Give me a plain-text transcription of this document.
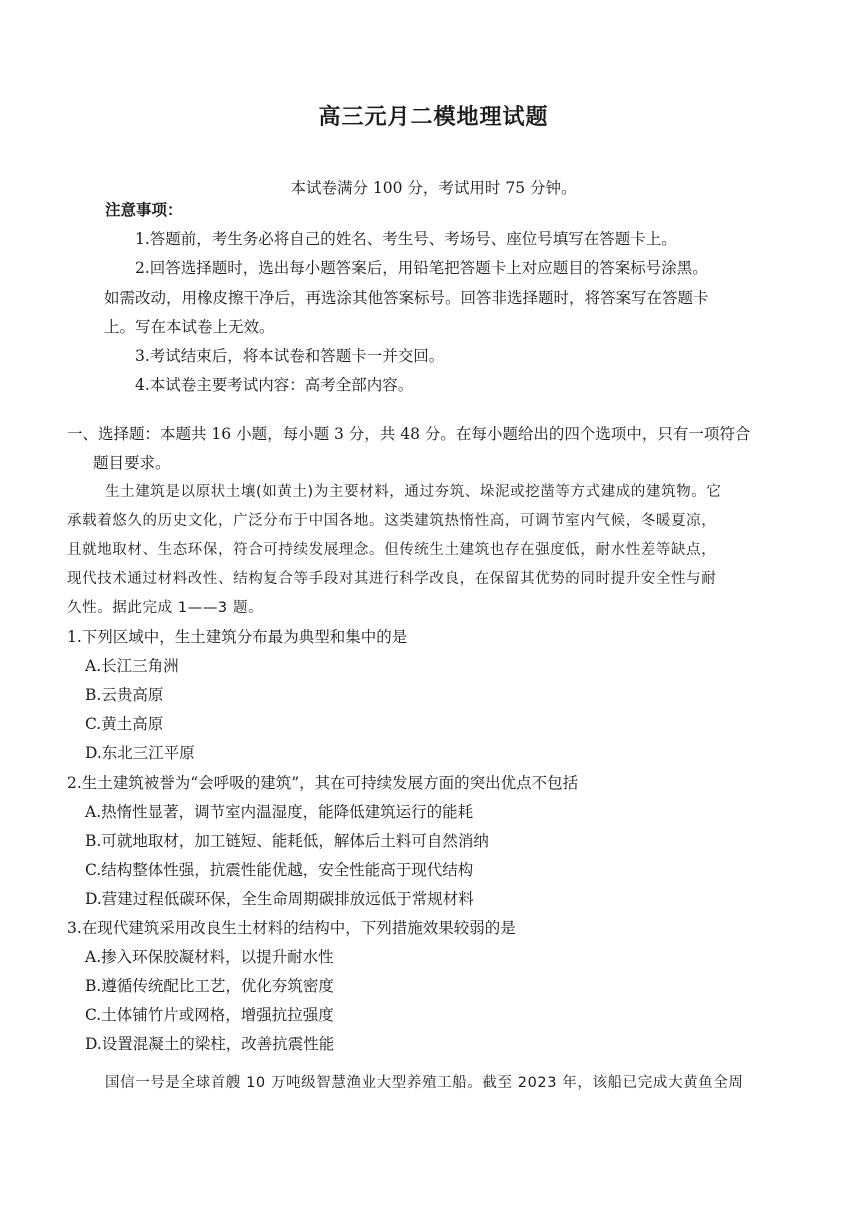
高三元月二模地理试题
本试卷满分 100 分，考试用时 75 分钟。
注意事项：
1.答题前，考生务必将自己的姓名、考生号、考场号、座位号填写在答题卡上。
2.回答选择题时，选出每小题答案后，用铅笔把答题卡上对应题目的答案标号涂黑。
如需改动，用橡皮擦干净后，再选涂其他答案标号。回答非选择题时，将答案写在答题卡
上。写在本试卷上无效。
3.考试结束后，将本试卷和答题卡一并交回。
4.本试卷主要考试内容：高考全部内容。
一、选择题：本题共 16 小题，每小题 3 分，共 48 分。在每小题给出的四个选项中，只有一项符合
题目要求。
生土建筑是以原状土壤(如黄土)为主要材料，通过夯筑、垛泥或挖凿等方式建成的建筑物。它
承载着悠久的历史文化，广泛分布于中国各地。这类建筑热惰性高，可调节室内气候，冬暖夏凉，
且就地取材、生态环保，符合可持续发展理念。但传统生土建筑也存在强度低，耐水性差等缺点，
现代技术通过材料改性、结构复合等手段对其进行科学改良，在保留其优势的同时提升安全性与耐
久性。据此完成 1——3 题。
1.下列区域中，生土建筑分布最为典型和集中的是
A.长江三角洲
B.云贵高原
C.黄土高原
D.东北三江平原
2.生土建筑被誉为“会呼吸的建筑”，其在可持续发展方面的突出优点不包括
A.热惰性显著，调节室内温湿度，能降低建筑运行的能耗
B.可就地取材，加工链短、能耗低，解体后土料可自然消纳
C.结构整体性强，抗震性能优越，安全性能高于现代结构
D.营建过程低碳环保，全生命周期碳排放远低于常规材料
3.在现代建筑采用改良生土材料的结构中，下列措施效果较弱的是
A.掺入环保胶凝材料，以提升耐水性
B.遵循传统配比工艺，优化夯筑密度
C.土体铺竹片或网格，增强抗拉强度
D.设置混凝土的梁柱，改善抗震性能
国信一号是全球首艘 10 万吨级智慧渔业大型养殖工船。截至 2023 年，该船已完成大黄鱼全周
